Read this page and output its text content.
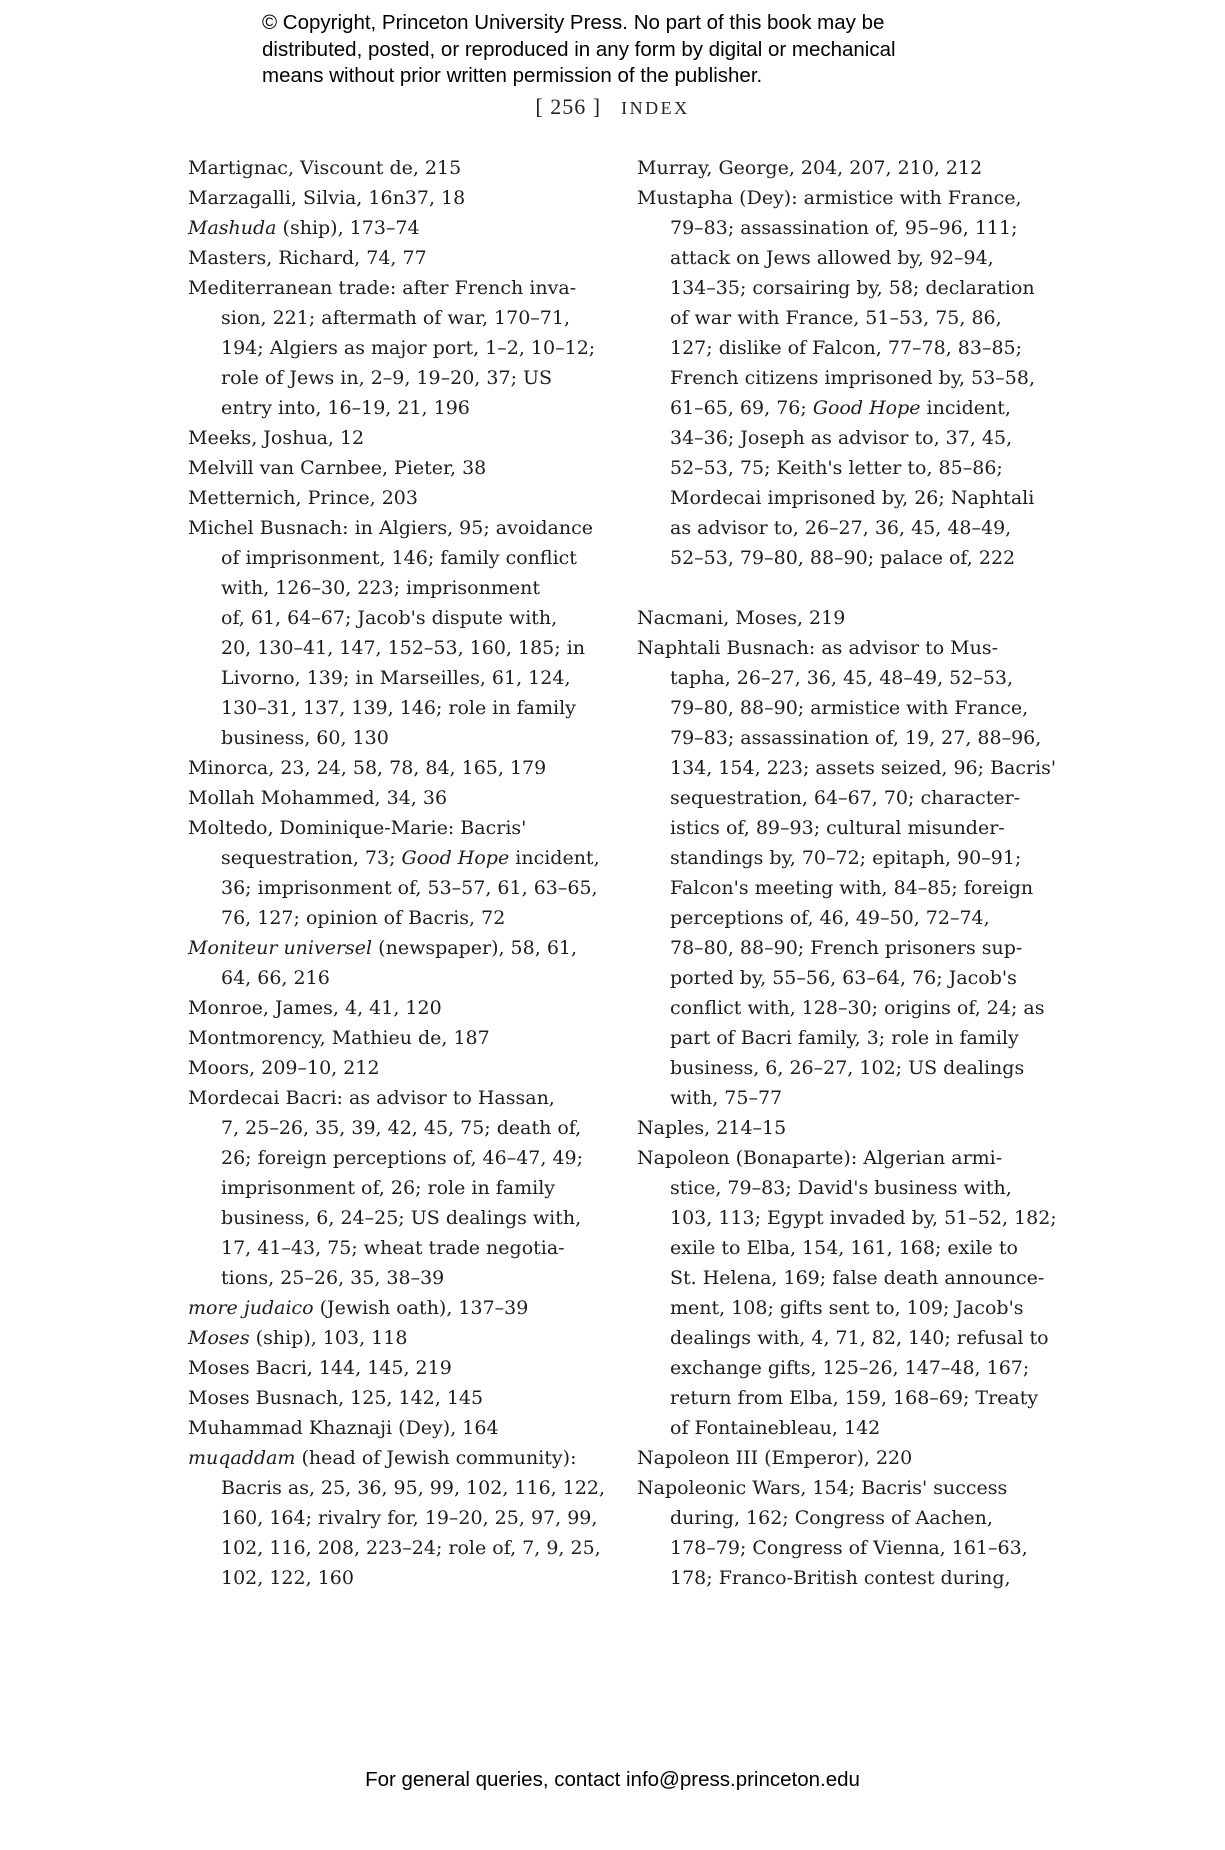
© Copyright, Princeton University Press. No part of this book may be
distributed, posted, or reproduced in any form by digital or mechanical
means without prior written permission of the publisher.
[ 256 ] INDEX
Martignac, Viscount de, 215
Marzagalli, Silvia, 16n37, 18
Mashuda (ship), 173–74
Masters, Richard, 74, 77
Mediterranean trade: after French inva-
sion, 221; aftermath of war, 170–71,
194; Algiers as major port, 1–2, 10–12;
role of Jews in, 2–9, 19–20, 37; US
entry into, 16–19, 21, 196
Meeks, Joshua, 12
Melvill van Carnbee, Pieter, 38
Metternich, Prince, 203
Michel Busnach: in Algiers, 95; avoidance
of imprisonment, 146; family conflict
with, 126–30, 223; imprisonment
of, 61, 64–67; Jacob's dispute with,
20, 130–41, 147, 152–53, 160, 185; in
Livorno, 139; in Marseilles, 61, 124,
130–31, 137, 139, 146; role in family
business, 60, 130
Minorca, 23, 24, 58, 78, 84, 165, 179
Mollah Mohammed, 34, 36
Moltedo, Dominique-Marie: Bacris'
sequestration, 73; Good Hope incident,
36; imprisonment of, 53–57, 61, 63–65,
76, 127; opinion of Bacris, 72
Moniteur universel (newspaper), 58, 61,
64, 66, 216
Monroe, James, 4, 41, 120
Montmorency, Mathieu de, 187
Moors, 209–10, 212
Mordecai Bacri: as advisor to Hassan,
7, 25–26, 35, 39, 42, 45, 75; death of,
26; foreign perceptions of, 46–47, 49;
imprisonment of, 26; role in family
business, 6, 24–25; US dealings with,
17, 41–43, 75; wheat trade negotia-
tions, 25–26, 35, 38–39
more judaico (Jewish oath), 137–39
Moses (ship), 103, 118
Moses Bacri, 144, 145, 219
Moses Busnach, 125, 142, 145
Muhammad Khaznaji (Dey), 164
muqaddam (head of Jewish community):
Bacris as, 25, 36, 95, 99, 102, 116, 122,
160, 164; rivalry for, 19–20, 25, 97, 99,
102, 116, 208, 223–24; role of, 7, 9, 25,
102, 122, 160
Murray, George, 204, 207, 210, 212
Mustapha (Dey): armistice with France,
79–83; assassination of, 95–96, 111;
attack on Jews allowed by, 92–94,
134–35; corsairing by, 58; declaration
of war with France, 51–53, 75, 86,
127; dislike of Falcon, 77–78, 83–85;
French citizens imprisoned by, 53–58,
61–65, 69, 76; Good Hope incident,
34–36; Joseph as advisor to, 37, 45,
52–53, 75; Keith's letter to, 85–86;
Mordecai imprisoned by, 26; Naphtali
as advisor to, 26–27, 36, 45, 48–49,
52–53, 79–80, 88–90; palace of, 222
Nacmani, Moses, 219
Naphtali Busnach: as advisor to Mus-
tapha, 26–27, 36, 45, 48–49, 52–53,
79–80, 88–90; armistice with France,
79–83; assassination of, 19, 27, 88–96,
134, 154, 223; assets seized, 96; Bacris'
sequestration, 64–67, 70; character-
istics of, 89–93; cultural misunder-
standings by, 70–72; epitaph, 90–91;
Falcon's meeting with, 84–85; foreign
perceptions of, 46, 49–50, 72–74,
78–80, 88–90; French prisoners sup-
ported by, 55–56, 63–64, 76; Jacob's
conflict with, 128–30; origins of, 24; as
part of Bacri family, 3; role in family
business, 6, 26–27, 102; US dealings
with, 75–77
Naples, 214–15
Napoleon (Bonaparte): Algerian armi-
stice, 79–83; David's business with,
103, 113; Egypt invaded by, 51–52, 182;
exile to Elba, 154, 161, 168; exile to
St. Helena, 169; false death announce-
ment, 108; gifts sent to, 109; Jacob's
dealings with, 4, 71, 82, 140; refusal to
exchange gifts, 125–26, 147–48, 167;
return from Elba, 159, 168–69; Treaty
of Fontainebleau, 142
Napoleon III (Emperor), 220
Napoleonic Wars, 154; Bacris' success
during, 162; Congress of Aachen,
178–79; Congress of Vienna, 161–63,
178; Franco-British contest during,
For general queries, contact info@press.princeton.edu
